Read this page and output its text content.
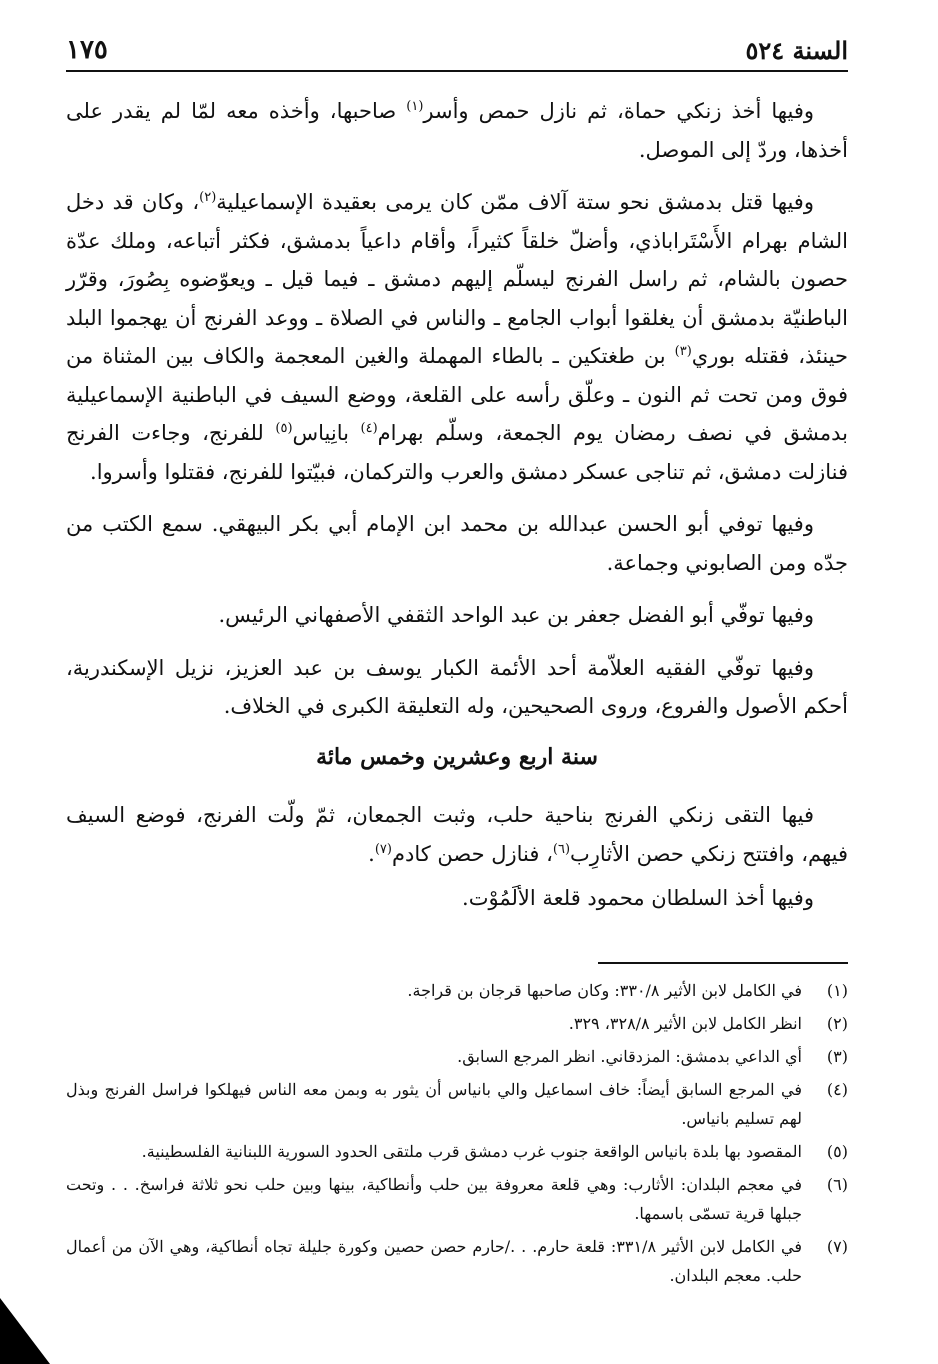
السنة ٥٢٤
١٧٥

وفيها أخذ زنكي حماة، ثم نازل حمص وأسر$^{(١)}$ صاحبها، وأخذه معه لمّا لم يقدر على أخذها، وردّ إلى الموصل.

وفيها قتل بدمشق نحو ستة آلاف ممّن كان يرمى بعقيدة الإسماعيلية$^{(٢)}$، وكان قد دخل الشام بهرام الأَسْتَراباذي، وأضلّ خلقاً كثيراً، وأقام داعياً بدمشق، فكثر أتباعه، وملك عدّة حصون بالشام، ثم راسل الفرنج ليسلّم إليهم دمشق ـ فيما قيل ـ ويعوّضوه بِصُورَ، وقرّر الباطنيّة بدمشق أن يغلقوا أبواب الجامع ـ والناس في الصلاة ـ ووعد الفرنج أن يهجموا البلد حينئذ، فقتله بوري$^{(٣)}$ بن طغتكين ـ بالطاء المهملة والغين المعجمة والكاف بين المثناة من فوق ومن تحت ثم النون ـ وعلّق رأسه على القلعة، ووضع السيف في الباطنية الإسماعيلية بدمشق في نصف رمضان يوم الجمعة، وسلّم بهرام$^{(٤)}$ بانِياس$^{(٥)}$ للفرنج، وجاءت الفرنج فنازلت دمشق، ثم تناجى عسكر دمشق والعرب والتركمان، فبيّتوا للفرنج، فقتلوا وأسروا.

وفيها توفي أبو الحسن عبدالله بن محمد ابن الإمام أبي بكر البيهقي. سمع الكتب من جدّه ومن الصابوني وجماعة.

وفيها توفّي أبو الفضل جعفر بن عبد الواحد الثقفي الأصفهاني الرئيس.

وفيها توفّي الفقيه العلاّمة أحد الأئمة الكبار يوسف بن عبد العزيز، نزيل الإسكندرية، أحكم الأصول والفروع، وروى الصحيحين، وله التعليقة الكبرى في الخلاف.

سنة اربع وعشرين وخمس مائة

فيها التقى زنكي الفرنج بناحية حلب، وثبت الجمعان، ثمّ ولّت الفرنج، فوضع السيف فيهم، وافتتح زنكي حصن الأثارِب$^{(٦)}$، فنازل حصن كادم$^{(٧)}$.

وفيها أخذ السلطان محمود قلعة الألَمُوْت.

(١)
في الكامل لابن الأثير ٣٣٠/٨: وكان صاحبها قرجان بن قراجة.
(٢)
انظر الكامل لابن الأثير ٣٢٨/٨، ٣٢٩.
(٣)
أي الداعي بدمشق: المزدقاني. انظر المرجع السابق.
(٤)
في المرجع السابق أيضاً: خاف اسماعيل والي بانياس أن يثور به وبمن معه الناس فيهلكوا فراسل الفرنج وبذل لهم تسليم بانياس.
(٥)
المقصود بها بلدة بانياس الواقعة جنوب غرب دمشق قرب ملتقى الحدود السورية اللبنانية الفلسطينية.
(٦)
في معجم البلدان: الأثارب: وهي قلعة معروفة بين حلب وأنطاكية، بينها وبين حلب نحو ثلاثة فراسخ. . . وتحت جبلها قرية تسمّى باسمها.
(٧)
في الكامل لابن الأثير ٣٣١/٨: قلعة حارم. . ./حارم حصن حصين وكورة جليلة تجاه أنطاكية، وهي الآن من أعمال حلب. معجم البلدان.
